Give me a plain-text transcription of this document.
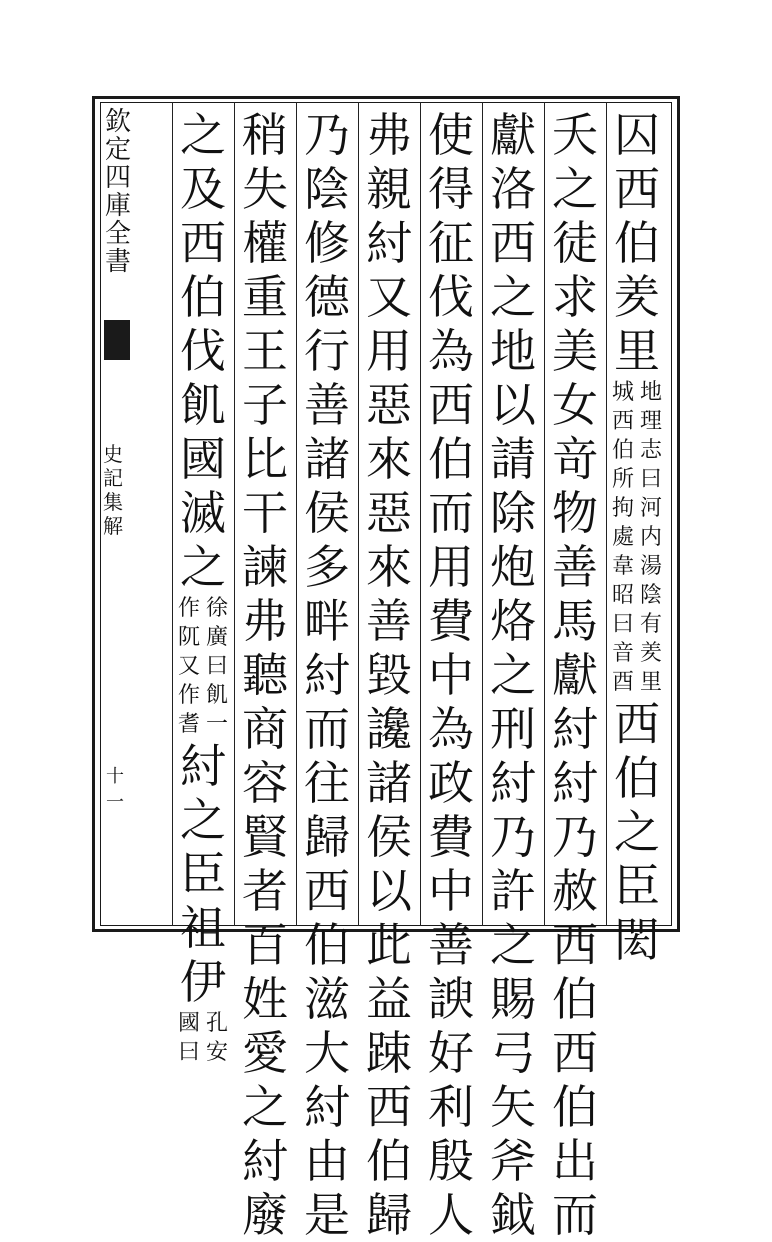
欽
定
四
庫
全
書
史
記
集
解
十一
囚
西
伯
羑
里
地
理
志
曰
河
内
湯
陰
有
羑
里
城
西
伯
所
拘
處
韋
昭
曰
音
酉
西
伯
之
臣
閎
夭
之
徒
求
美
女
竒
物
善
馬
獻
紂
紂
乃
赦
西
伯
西
伯
出
而
獻
洛
西
之
地
以
請
除
炮
烙
之
刑
紂
乃
許
之
賜
弓
矢
斧
鉞
使
得
征
伐
為
西
伯
而
用
費
中
為
政
費
中
善
諛
好
利
殷
人
弗
親
紂
又
用
惡
來
惡
來
善
毀
讒
諸
侯
以
此
益
踈
西
伯
歸
乃
陰
修
德
行
善
諸
侯
多
畔
紂
而
往
歸
西
伯
滋
大
紂
由
是
稍
失
權
重
王
子
比
干
諫
弗
聽
商
容
賢
者
百
姓
愛
之
紂
廢
之
及
西
伯
伐
飢
國
滅
之
徐
廣
曰
飢
一
作
阢
又
作
耆
紂
之
臣
祖
伊
孔
安
國
曰
